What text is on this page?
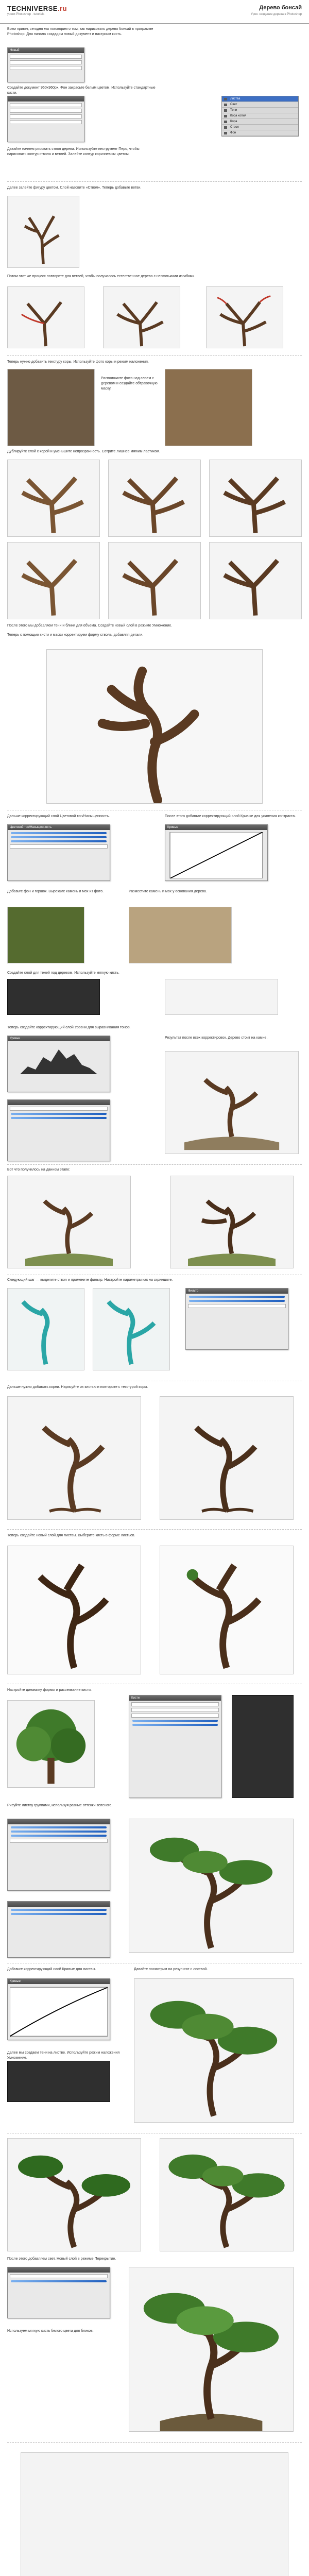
TECHNIVERSE.ru
уроки Photoshop · tutorials
Дерево бонсай
Урок: создание дерева в Photoshop
Всем привет, сегодня мы поговорим о том, как нарисовать дерево бонсай в программе Photoshop. Для начала создадим новый документ и настроим кисть.
Новый
Создайте документ 960x960px. Фон закрасьте белым цветом. Используйте стандартные кисти.
Давайте начнем рисовать ствол дерева. Используйте инструмент Перо, чтобы нарисовать контур ствола и ветвей. Залейте контур коричневым цветом.
Листва
Свет
Тени
Кора копия
Кора
Ствол
Фон
Далее залейте фигуру цветом. Слой назовите «Ствол». Теперь добавьте ветви.
Потом этот же процесс повторите для ветвей, чтобы получилось естественное дерево с несколькими изгибами.
Теперь нужно добавить текстуру коры. Используйте фото коры и режим наложения.
Расположите фото над слоем с деревом и создайте обтравочную маску.
Дублируйте слой с корой и уменьшите непрозрачность. Сотрите лишнее мягким ластиком.
После этого мы добавляем тени и блики для объема. Создайте новый слой в режиме Умножение.
Теперь с помощью кисти и маски корректируем форму ствола, добавляя детали.
Дальше корректирующий слой Цветовой тон/Насыщенность.
Цветовой тон/Насыщенность
После этого добавьте корректирующий слой Кривые для усиления контраста.
Кривые
Добавьте фон и горшок. Вырежьте камень и мох из фото.	Разместите камень и мох у основания дерева.
Создайте слой для теней под деревом. Используйте мягкую кисть.
Теперь создайте корректирующий слой Уровни для выравнивания тонов.
Уровни	Результат после всех корректировок. Дерево стоит на камне.
Вот что получилось на данном этапе:
Следующий шаг — выделите ствол и примените фильтр. Настройте параметры как на скриншоте.
Фильтр
Дальше нужно добавить корни. Нарисуйте их кистью и повторите с текстурой коры.
Теперь создайте новый слой для листвы. Выберите кисть в форме листьев.
Настройте динамику формы и рассеивание кисти.
Кисти
Рисуйте листву группами, используя разные оттенки зеленого.
Добавьте корректирующий слой Кривые для листвы.
Кривые
Давайте посмотрим на результат с листвой.
Далее мы создаем тени на листве. Используйте режим наложения Умножение.
После этого добавляем свет. Новый слой в режиме Перекрытие.
Используем мягкую кисть белого цвета для бликов.
